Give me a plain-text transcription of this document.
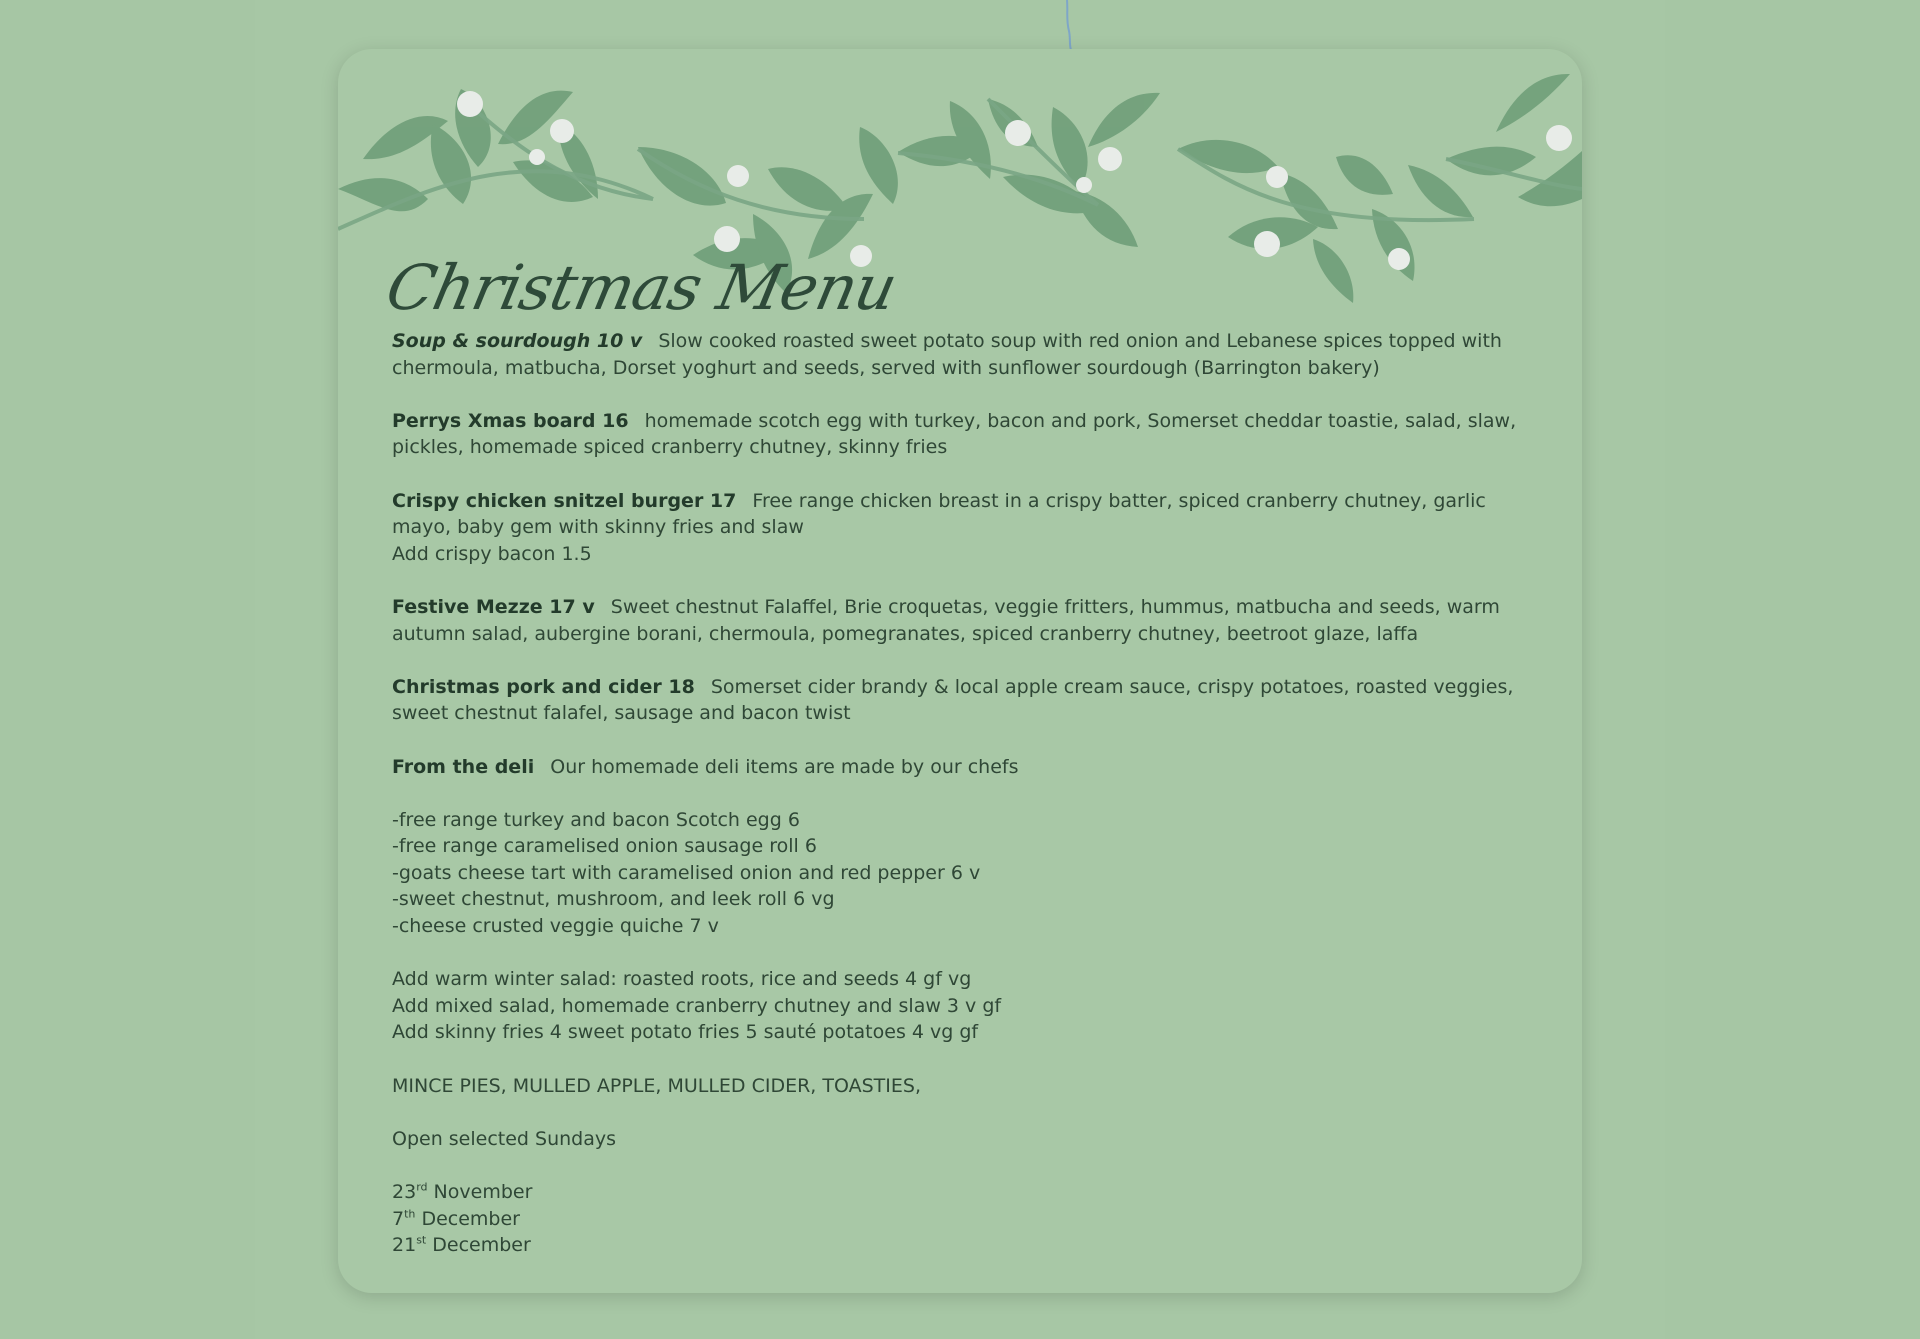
Christmas Menu
Soup & sourdough 10 v Slow cooked roasted sweet potato soup with red onion and Lebanese spices topped with chermoula, matbucha, Dorset yoghurt and seeds, served with sunflower sourdough (Barrington bakery)
Perrys Xmas board 16 homemade scotch egg with turkey, bacon and pork, Somerset cheddar toastie, salad, slaw, pickles, homemade spiced cranberry chutney, skinny fries
Crispy chicken snitzel burger 17 Free range chicken breast in a crispy batter, spiced cranberry chutney, garlic mayo, baby gem with skinny fries and slaw
Add crispy bacon 1.5
Festive Mezze 17 v Sweet chestnut Falaffel, Brie croquetas, veggie fritters, hummus, matbucha and seeds, warm autumn salad, aubergine borani, chermoula, pomegranates, spiced cranberry chutney, beetroot glaze, laffa
Christmas pork and cider 18 Somerset cider brandy & local apple cream sauce, crispy potatoes, roasted veggies, sweet chestnut falafel, sausage and bacon twist
From the deli Our homemade deli items are made by our chefs
-free range turkey and bacon Scotch egg 6
-free range caramelised onion sausage roll 6
-goats cheese tart with caramelised onion and red pepper 6 v
-sweet chestnut, mushroom, and leek roll 6 vg
-cheese crusted veggie quiche 7 v
Add warm winter salad: roasted roots, rice and seeds 4 gf vg
Add mixed salad, homemade cranberry chutney and slaw 3 v gf
Add skinny fries 4 sweet potato fries 5 sauté potatoes 4 vg gf
MINCE PIES, MULLED APPLE, MULLED CIDER, TOASTIES,
Open selected Sundays
23rd November
7th December
21st December
